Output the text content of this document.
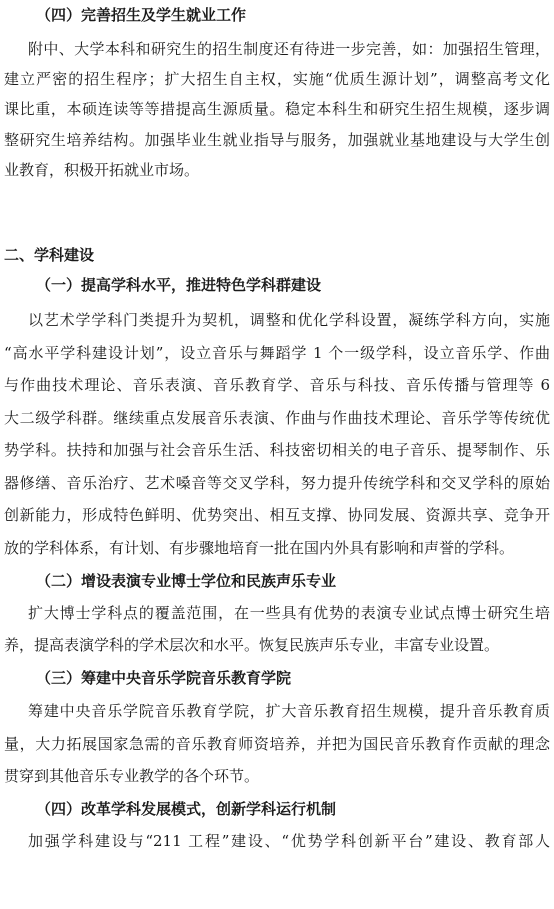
（四）完善招生及学生就业工作
附中、大学本科和研究生的招生制度还有待进一步完善，如：加强招生管理，
建立严密的招生程序；扩大招生自主权，实施“优质生源计划”，调整高考文化
课比重，本硕连读等等措提高生源质量。稳定本科生和研究生招生规模，逐步调
整研究生培养结构。加强毕业生就业指导与服务，加强就业基地建设与大学生创
业教育，积极开拓就业市场。
二、学科建设
（一）提高学科水平，推进特色学科群建设
以艺术学学科门类提升为契机，调整和优化学科设置，凝练学科方向，实施
“高水平学科建设计划”，设立音乐与舞蹈学 1 个一级学科，设立音乐学、作曲
与作曲技术理论、音乐表演、音乐教育学、音乐与科技、音乐传播与管理等 6
大二级学科群。继续重点发展音乐表演、作曲与作曲技术理论、音乐学等传统优
势学科。扶持和加强与社会音乐生活、科技密切相关的电子音乐、提琴制作、乐
器修缮、音乐治疗、艺术嗓音等交叉学科，努力提升传统学科和交叉学科的原始
创新能力，形成特色鲜明、优势突出、相互支撑、协同发展、资源共享、竞争开
放的学科体系，有计划、有步骤地培育一批在国内外具有影响和声誉的学科。
（二）增设表演专业博士学位和民族声乐专业
扩大博士学科点的覆盖范围，在一些具有优势的表演专业试点博士研究生培
养，提高表演学科的学术层次和水平。恢复民族声乐专业，丰富专业设置。
（三）筹建中央音乐学院音乐教育学院
筹建中央音乐学院音乐教育学院，扩大音乐教育招生规模，提升音乐教育质
量，大力拓展国家急需的音乐教育师资培养，并把为国民音乐教育作贡献的理念
贯穿到其他音乐专业教学的各个环节。
（四）改革学科发展模式，创新学科运行机制
加强学科建设与“211 工程”建设、“优势学科创新平台”建设、教育部人
